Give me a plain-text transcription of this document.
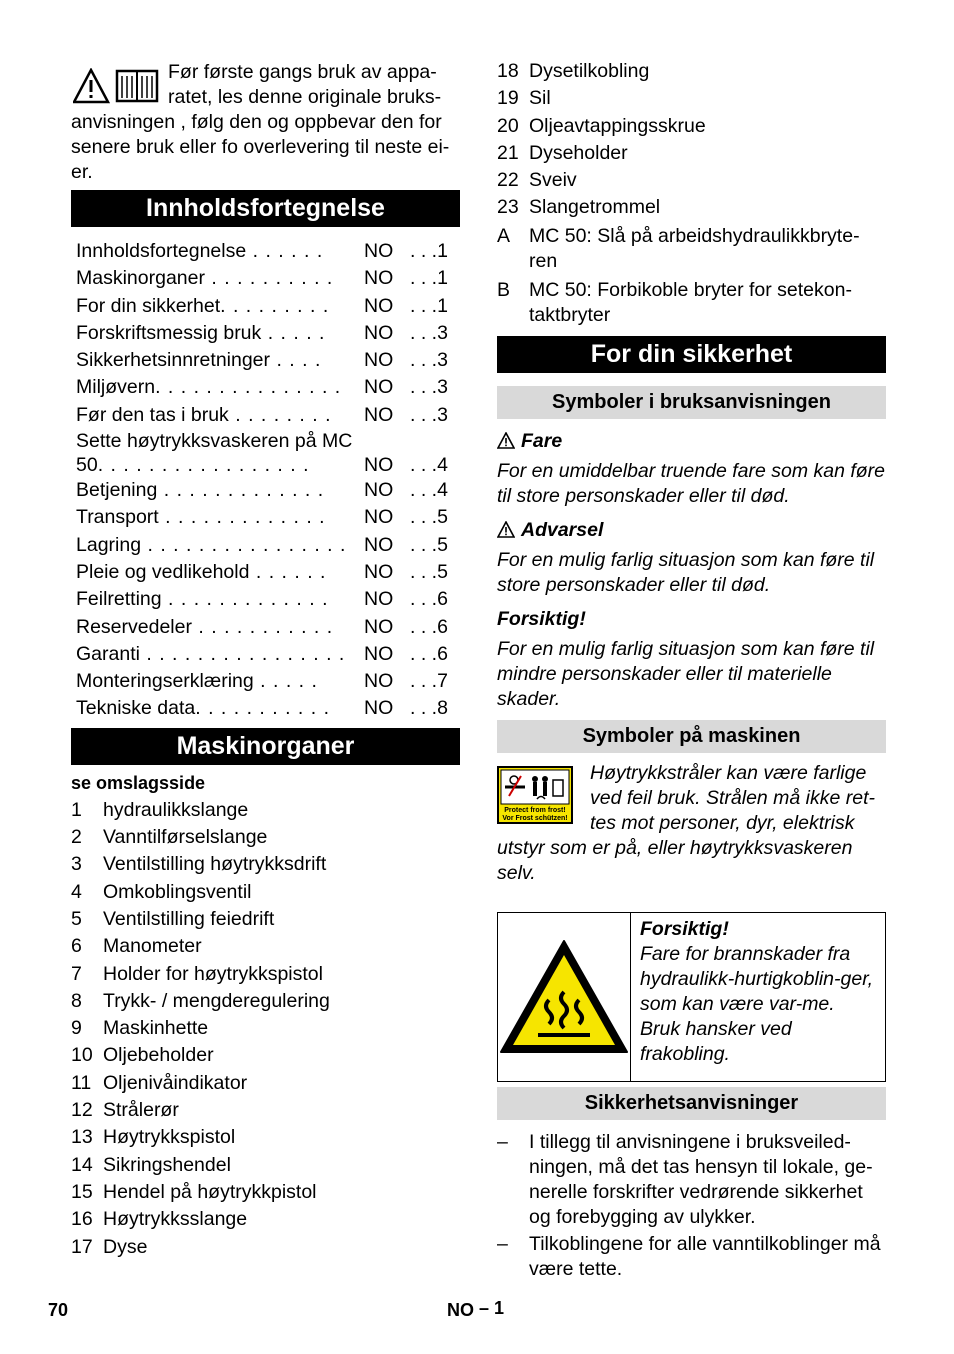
Før første gangs bruk av appa-
ratet, les denne originale bruks-
anvisningen , følg den og oppbevar den for
senere bruk eller fo overlevering til neste ei-
er.
Innholdsfortegnelse
Innholdsfortegnelse . . . . . .	NO . . .1
Maskinorganer . . . . . . . . . .	NO . . .1
For din sikkerhet. . . . . . . . .	NO . . .1
Forskriftsmessig bruk . . . . .	NO . . .3
Sikkerhetsinnretninger . . . .	NO . . .3
Miljøvern. . . . . . . . . . . . . . .	NO . . .3
Før den tas i bruk . . . . . . . .	NO . . .3
Sette høytrykksvaskeren på MC 50. . . . . . . . . . . . . . . . .	NO . . .4
Betjening . . . . . . . . . . . . .	NO . . .4
Transport . . . . . . . . . . . . .	NO . . .5
Lagring . . . . . . . . . . . . . . . . NO . . .5
Pleie og vedlikehold . . . . . .	NO . . .5
Feilretting . . . . . . . . . . . . .	NO . . .6
Reservedeler . . . . . . . . . . .	NO . . .6
Garanti . . . . . . . . . . . . . . . . NO . . .6
Monteringserklæring . . . . .	NO . . .7
Tekniske data. . . . . . . . . . .	NO . . .8
Maskinorganer
se omslagsside
1	hydraulikkslange
2	Vanntilførselslange
3	Ventilstilling høytrykksdrift
4	Omkoblingsventil
5	Ventilstilling feiedrift
6	Manometer
7	Holder for høytrykkspistol
8	Trykk- / mengderegulering
9	Maskinhette
10 Oljebeholder
11 Oljenivåindikator
12 Strålerør
13 Høytrykkspistol
14 Sikringshendel
15 Hendel på høytrykkpistol
16 Høytrykksslange
17 Dyse
18 Dysetilkobling
19 Sil
20 Oljeavtappingsskrue
21 Dyseholder
22 Sveiv
23 Slangetrommel
A MC 50: Slå på arbeidshydraulikkbryte-ren
B MC 50: Forbikoble bryter for setekon-taktbryter
For din sikkerhet
Symboler i bruksanvisningen
Fare
For en umiddelbar truende fare som kan føre til store personskader eller til død.
Advarsel
For en mulig farlig situasjon som kan føre til store personskader eller til død.
Forsiktig!
For en mulig farlig situasjon som kan føre til mindre personskader eller til materielle skader.
Symboler på maskinen
Protect from frost!
Vor Frost schützen!
Høytrykkstråler kan være farlige
ved feil bruk. Strålen må ikke ret-
tes mot personer, dyr, elektrisk
utstyr som er på, eller høytrykksvaskeren
selv.
Forsiktig!
Fare for brannskader fra hydraulikk-hurtigkoblin-ger, som kan være var-me. Bruk hansker ved frakobling.
Sikkerhetsanvisninger
–	I tillegg til anvisningene i bruksveiled-ningen, må det tas hensyn til lokale, ge-nerelle forskrifter vedrørende sikkerhet og forebygging av ulykker.
–	Tilkoblingene for alle vanntilkoblinger må være tette.
70	NO – 1
